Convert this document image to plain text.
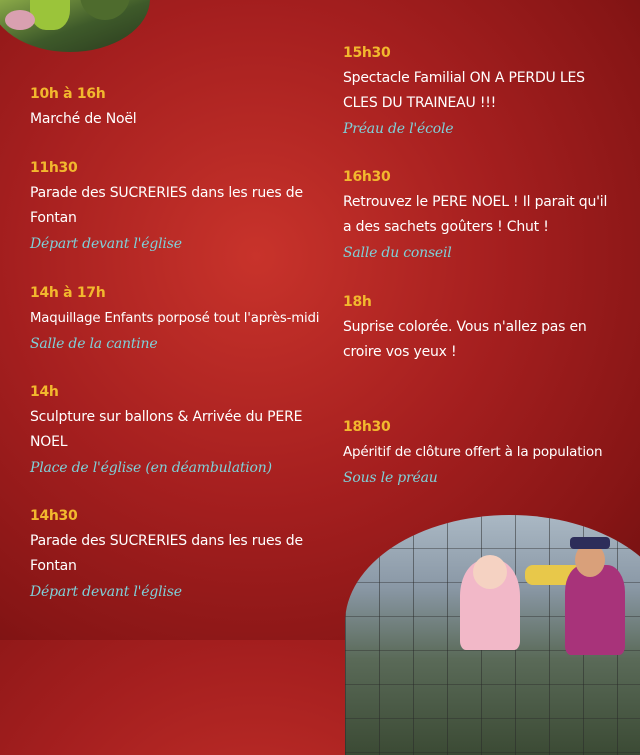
10h à 16h
Marché de Noël
11h30
Parade des SUCRERIES dans les rues de Fontan
Départ devant l'église
14h à 17h
Maquillage Enfants porposé tout l'après-midi
Salle de la cantine
14h
Sculpture sur ballons & Arrivée du PERE NOEL
Place de l'église (en déambulation)
14h30
Parade des SUCRERIES dans les rues de Fontan
Départ devant l'église
15h30
Spectacle Familial ON A PERDU LES CLES DU TRAINEAU !!!
Préau de l'école
16h30
Retrouvez le PERE NOEL ! Il parait qu'il a des sachets goûters ! Chut !
Salle du conseil
18h
Suprise colorée. Vous n'allez pas en croire vos yeux !
18h30
Apéritif de clôture offert à la population
Sous le préau
